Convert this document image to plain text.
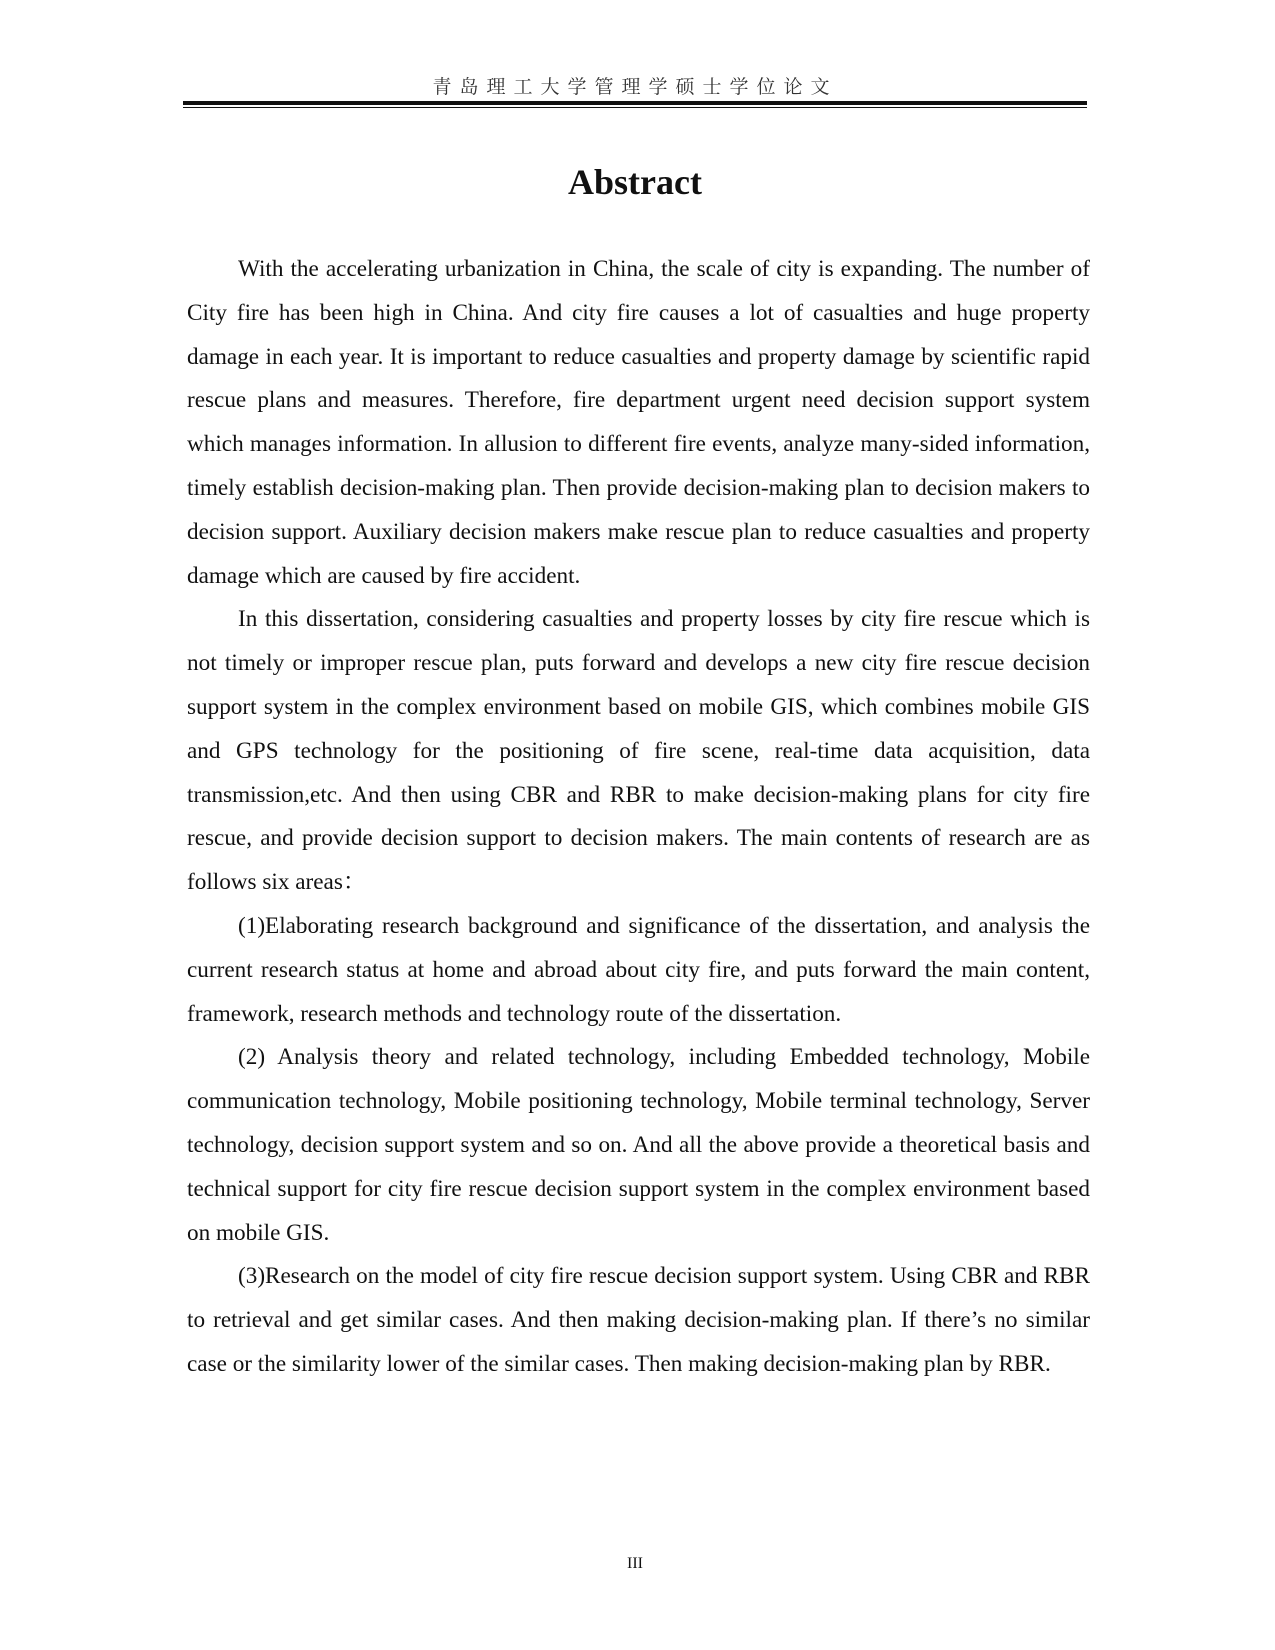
青岛理工大学管理学硕士学位论文
Abstract

With the accelerating urbanization in China, the scale of city is expanding. The number of City fire has been high in China. And city fire causes a lot of casualties and huge property damage in each year. It is important to reduce casualties and property damage by scientific rapid rescue plans and measures. Therefore, fire department urgent need decision support system which manages information. In allusion to different fire events, analyze many-sided information, timely establish decision-making plan. Then provide decision-making plan to decision makers to decision support. Auxiliary decision makers make rescue plan to reduce casualties and property damage which are caused by fire accident.

In this dissertation, considering casualties and property losses by city fire rescue which is not timely or improper rescue plan, puts forward and develops a new city fire rescue decision support system in the complex environment based on mobile GIS, which combines mobile GIS and GPS technology for the positioning of fire scene, real-time data acquisition, data transmission,etc. And then using CBR and RBR to make decision-making plans for city fire rescue, and provide decision support to decision makers. The main contents of research are as follows six areas：

(1)Elaborating research background and significance of the dissertation, and analysis the current research status at home and abroad about city fire, and puts forward the main content, framework, research methods and technology route of the dissertation.

(2) Analysis theory and related technology, including Embedded technology, Mobile communication technology, Mobile positioning technology, Mobile terminal technology, Server technology, decision support system and so on. And all the above provide a theoretical basis and technical support for city fire rescue decision support system in the complex environment based on mobile GIS.

(3)Research on the model of city fire rescue decision support system. Using CBR and RBR to retrieval and get similar cases. And then making decision-making plan. If there’s no similar case or the similarity lower of the similar cases. Then making decision-making plan by RBR.

III
